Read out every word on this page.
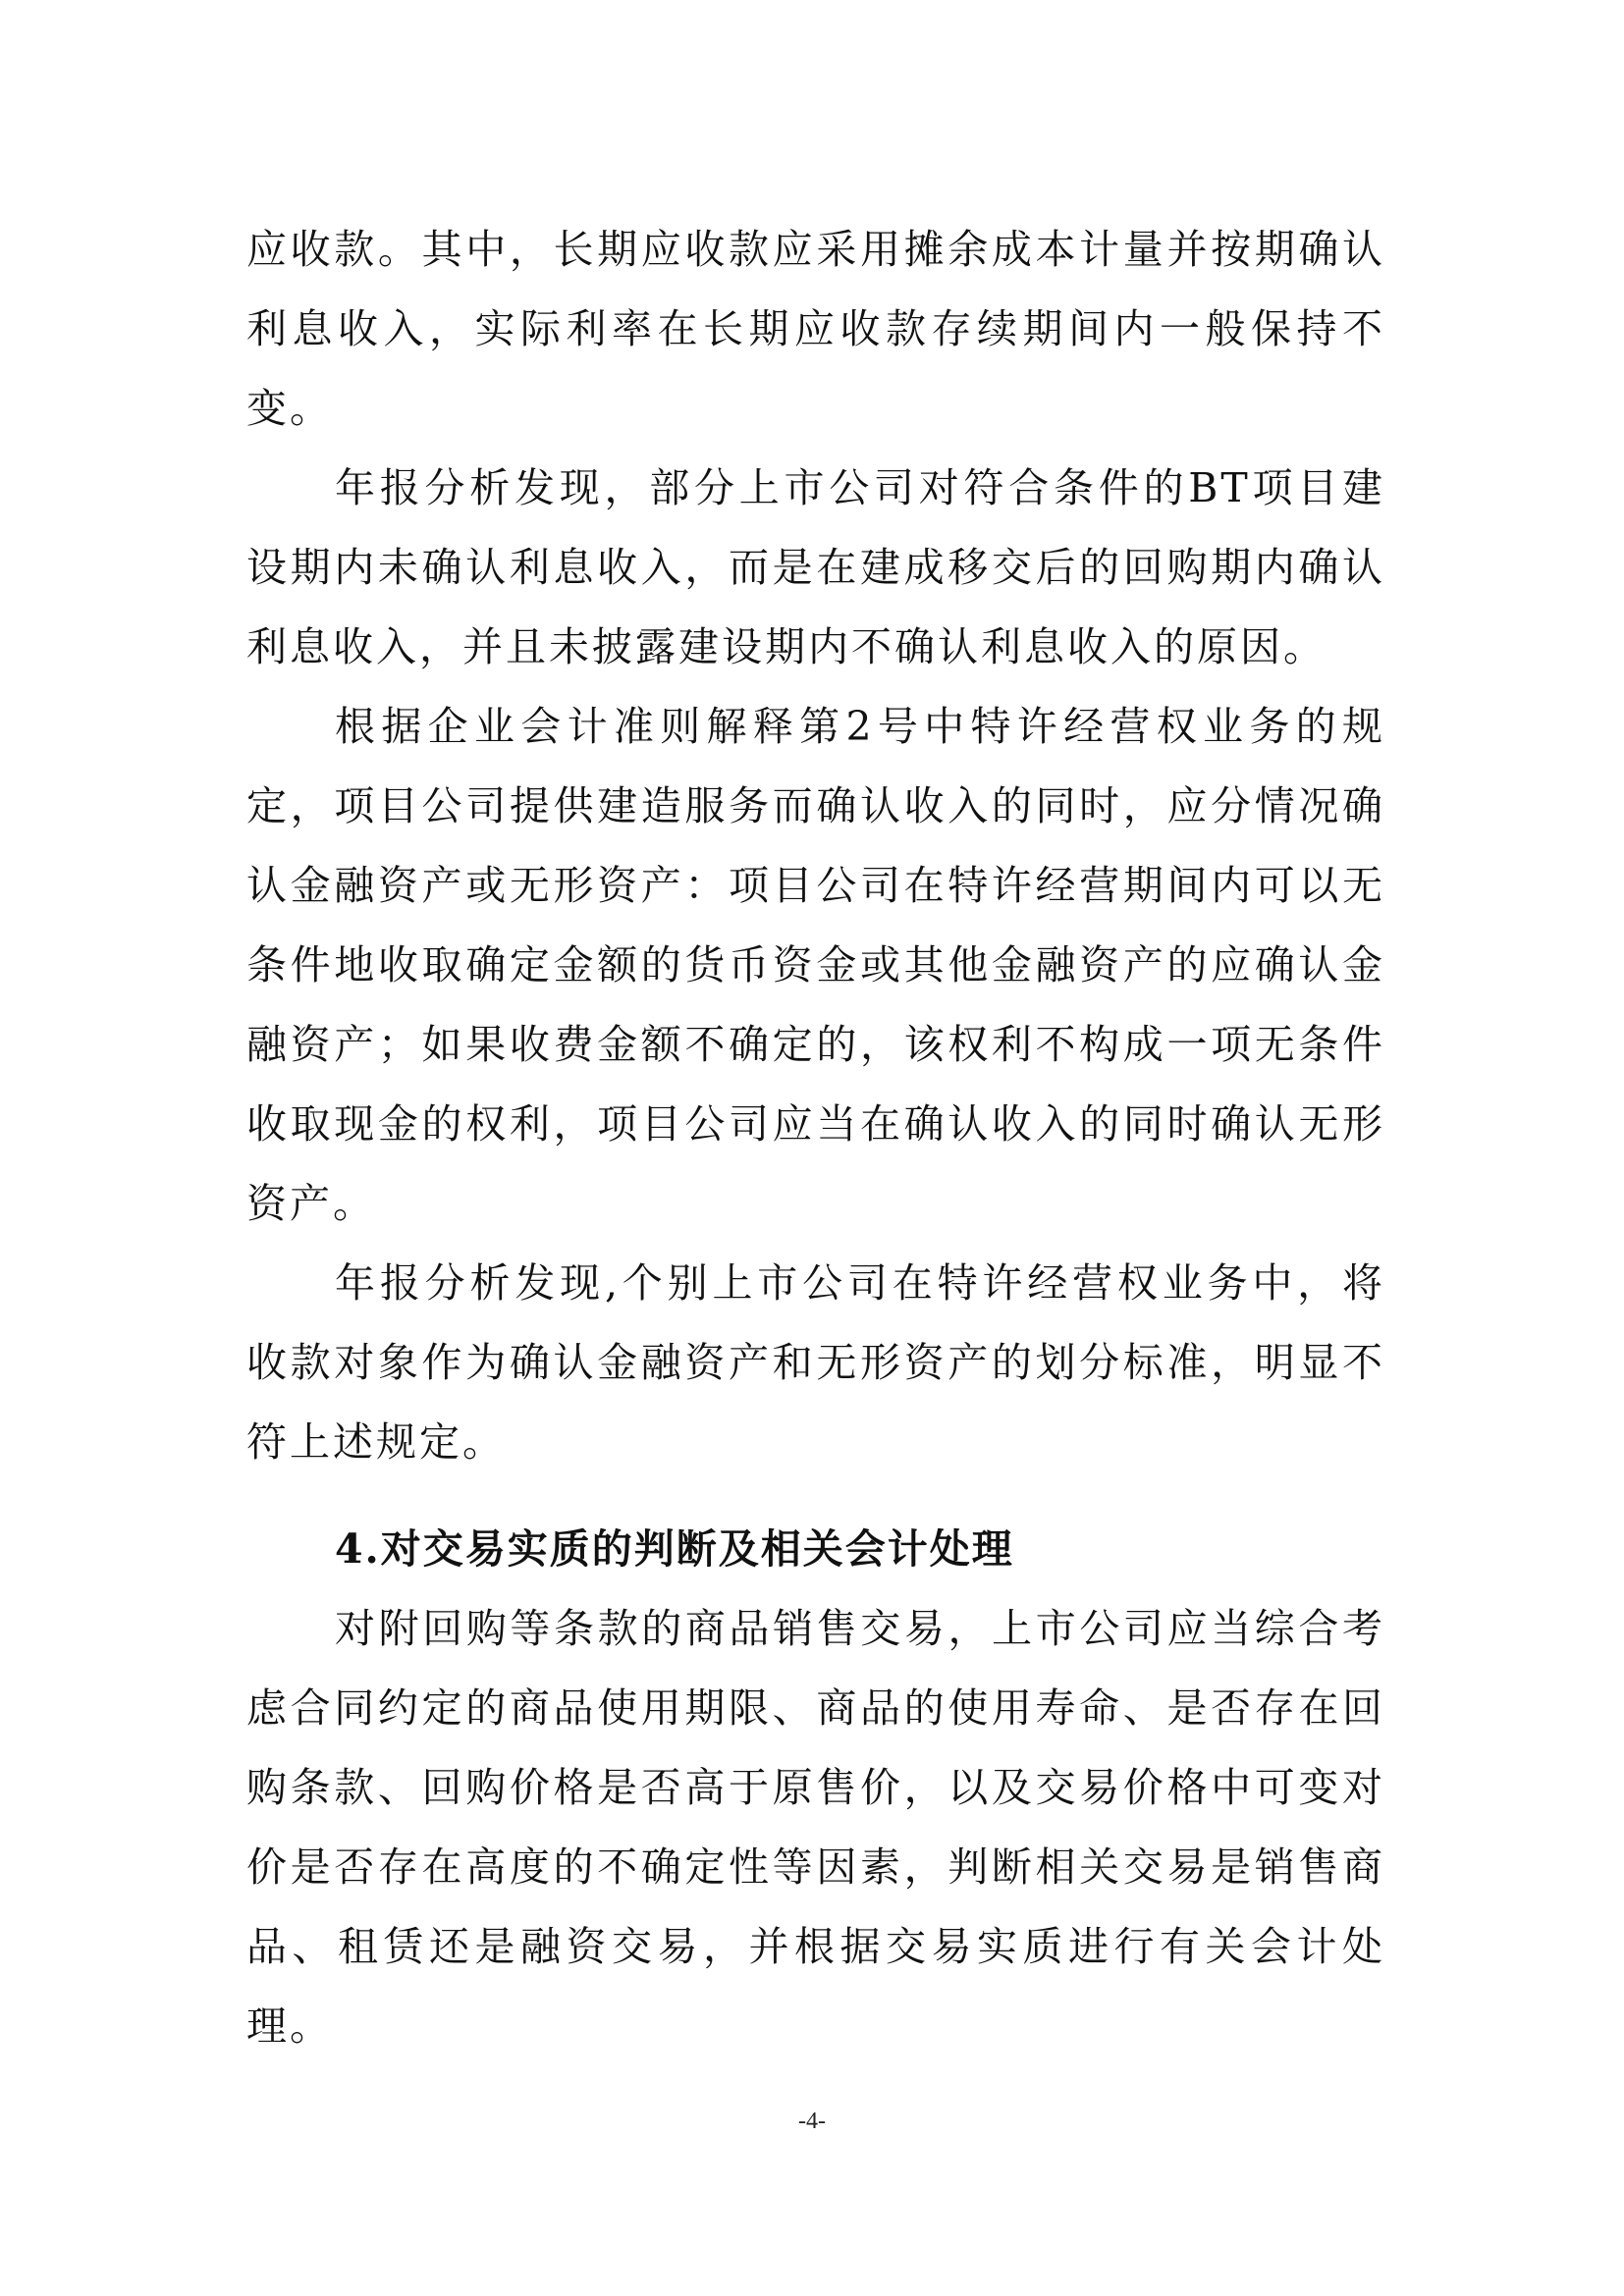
应收款。其中，长期应收款应采用摊余成本计量并按期确认利息收入，实际利率在长期应收款存续期间内一般保持不变。

年报分析发现，部分上市公司对符合条件的BT项目建设期内未确认利息收入，而是在建成移交后的回购期内确认利息收入，并且未披露建设期内不确认利息收入的原因。

根据企业会计准则解释第2号中特许经营权业务的规定，项目公司提供建造服务而确认收入的同时，应分情况确认金融资产或无形资产：项目公司在特许经营期间内可以无条件地收取确定金额的货币资金或其他金融资产的应确认金融资产；如果收费金额不确定的，该权利不构成一项无条件收取现金的权利，项目公司应当在确认收入的同时确认无形资产。

年报分析发现,个别上市公司在特许经营权业务中，将收款对象作为确认金融资产和无形资产的划分标准，明显不符上述规定。

4.对交易实质的判断及相关会计处理

对附回购等条款的商品销售交易，上市公司应当综合考虑合同约定的商品使用期限、商品的使用寿命、是否存在回购条款、回购价格是否高于原售价，以及交易价格中可变对价是否存在高度的不确定性等因素，判断相关交易是销售商品、租赁还是融资交易，并根据交易实质进行有关会计处理。

-4-
